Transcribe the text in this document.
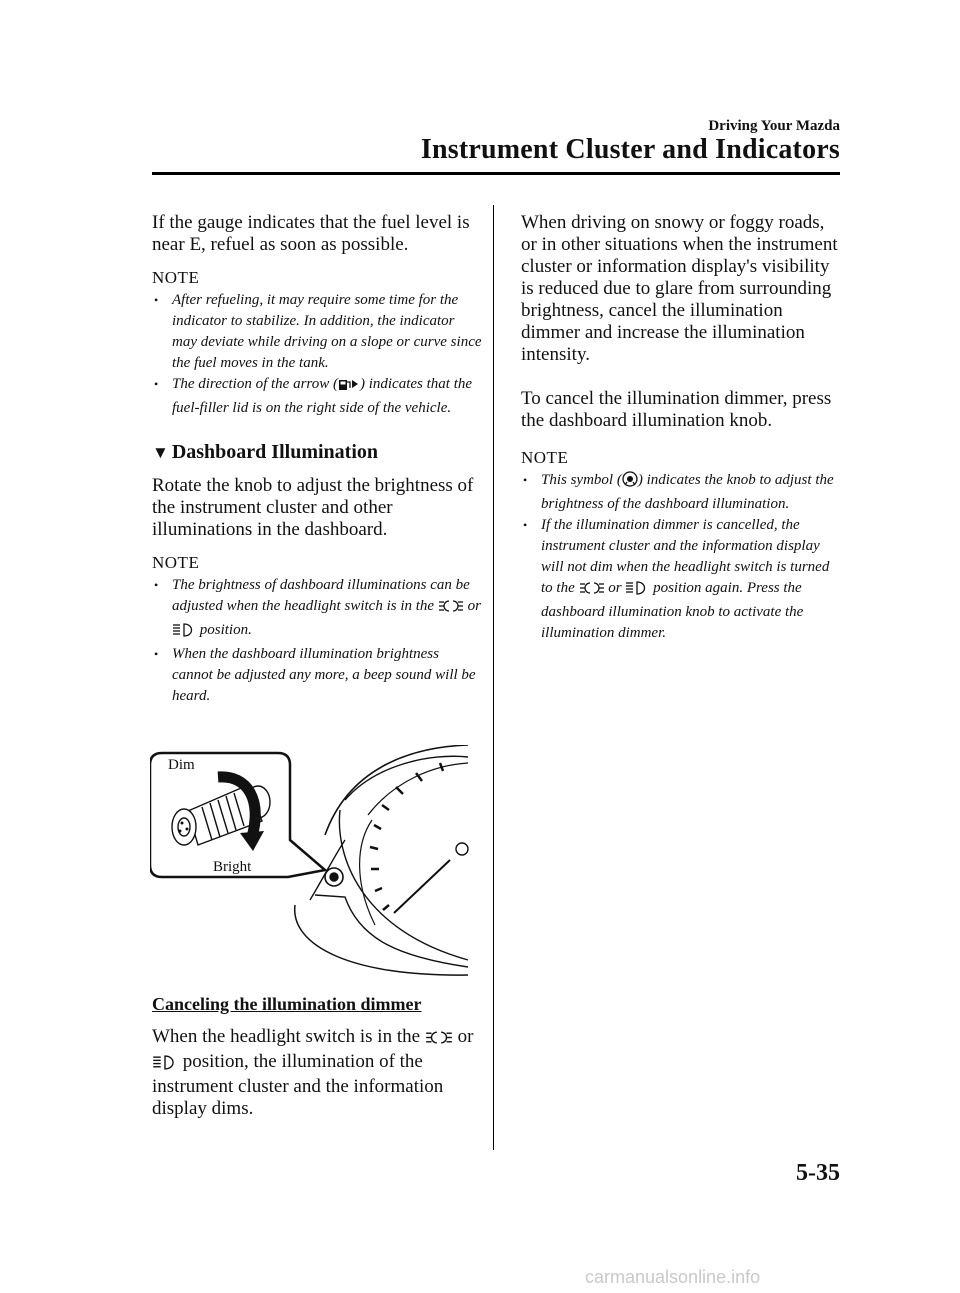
Driving Your Mazda
Instrument Cluster and Indicators

If the gauge indicates that the fuel level is near E, refuel as soon as possible.

NOTE

• After refueling, it may require some time for the indicator to stabilize. In addition, the indicator may deviate while driving on a slope or curve since the fuel moves in the tank.
• The direction of the arrow ( ) indicates that the fuel-filler lid is on the right side of the vehicle.

▼ Dashboard Illumination

Rotate the knob to adjust the brightness of the instrument cluster and other illuminations in the dashboard.

NOTE

• The brightness of dashboard illuminations can be adjusted when the headlight switch is in the or  position.
• When the dashboard illumination brightness cannot be adjusted any more, a beep sound will be heard.
Dim
Bright

Canceling the illumination dimmer

When the headlight switch is in the or  position, the illumination of the instrument cluster and the information display dims.

When driving on snowy or foggy roads, or in other situations when the instrument cluster or information display's visibility is reduced due to glare from surrounding brightness, cancel the illumination dimmer and increase the illumination intensity.

To cancel the illumination dimmer, press the dashboard illumination knob.

NOTE

• This symbol ( ) indicates the knob to adjust the brightness of the dashboard illumination.
• If the illumination dimmer is cancelled, the instrument cluster and the information display will not dim when the headlight switch is turned to the or position again. Press the dashboard illumination knob to activate the illumination dimmer.
5-35
carmanualsonline.info
